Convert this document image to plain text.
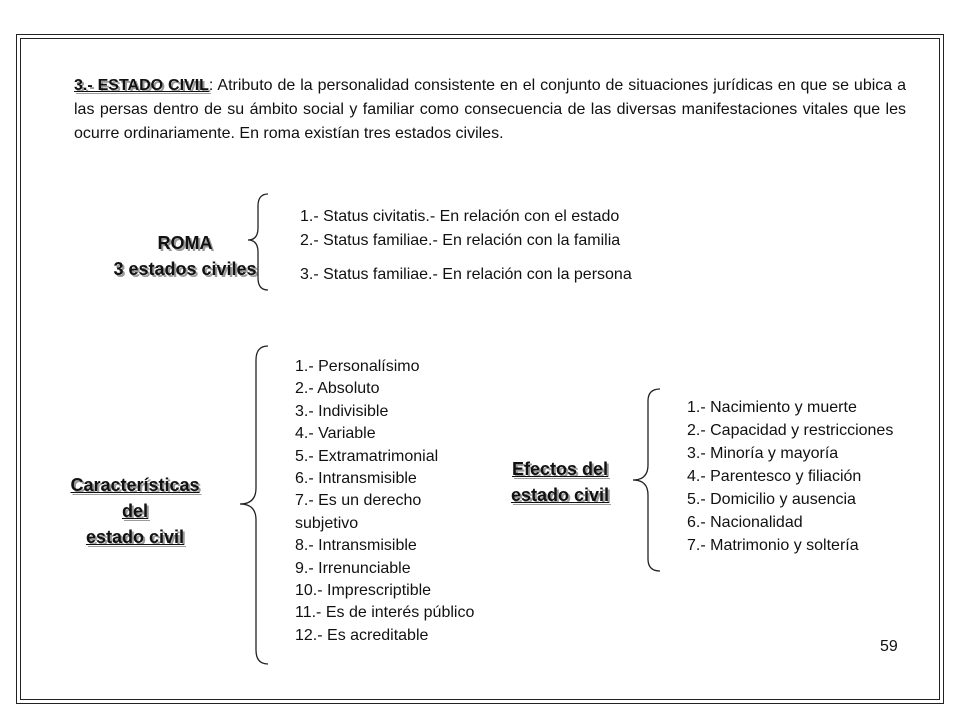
3.- ESTADO CIVIL: Atributo de la personalidad consistente en el conjunto de situaciones jurídicas en que se ubica a las persas dentro de su ámbito social y familiar como consecuencia de las diversas manifestaciones vitales que les ocurre ordinariamente. En roma existían tres estados civiles.

ROMA
3 estados civiles
1.- Status civitatis.- En relación con el estado
2.- Status familiae.- En relación con la familia
3.- Status familiae.- En relación con la persona
Características
del
estado civil
1.- Personalísimo
2.- Absoluto
3.- Indivisible
4.- Variable
5.- Extramatrimonial
6.- Intransmisible
7.- Es un derecho subjetivo
8.- Intransmisible
9.- Irrenunciable
10.- Imprescriptible
11.- Es de interés público
12.- Es acreditable
Efectos del
estado civil
1.- Nacimiento y muerte
2.- Capacidad y restricciones
3.- Minoría y mayoría
4.- Parentesco y filiación
5.- Domicilio y ausencia
6.- Nacionalidad
7.- Matrimonio y soltería
59
